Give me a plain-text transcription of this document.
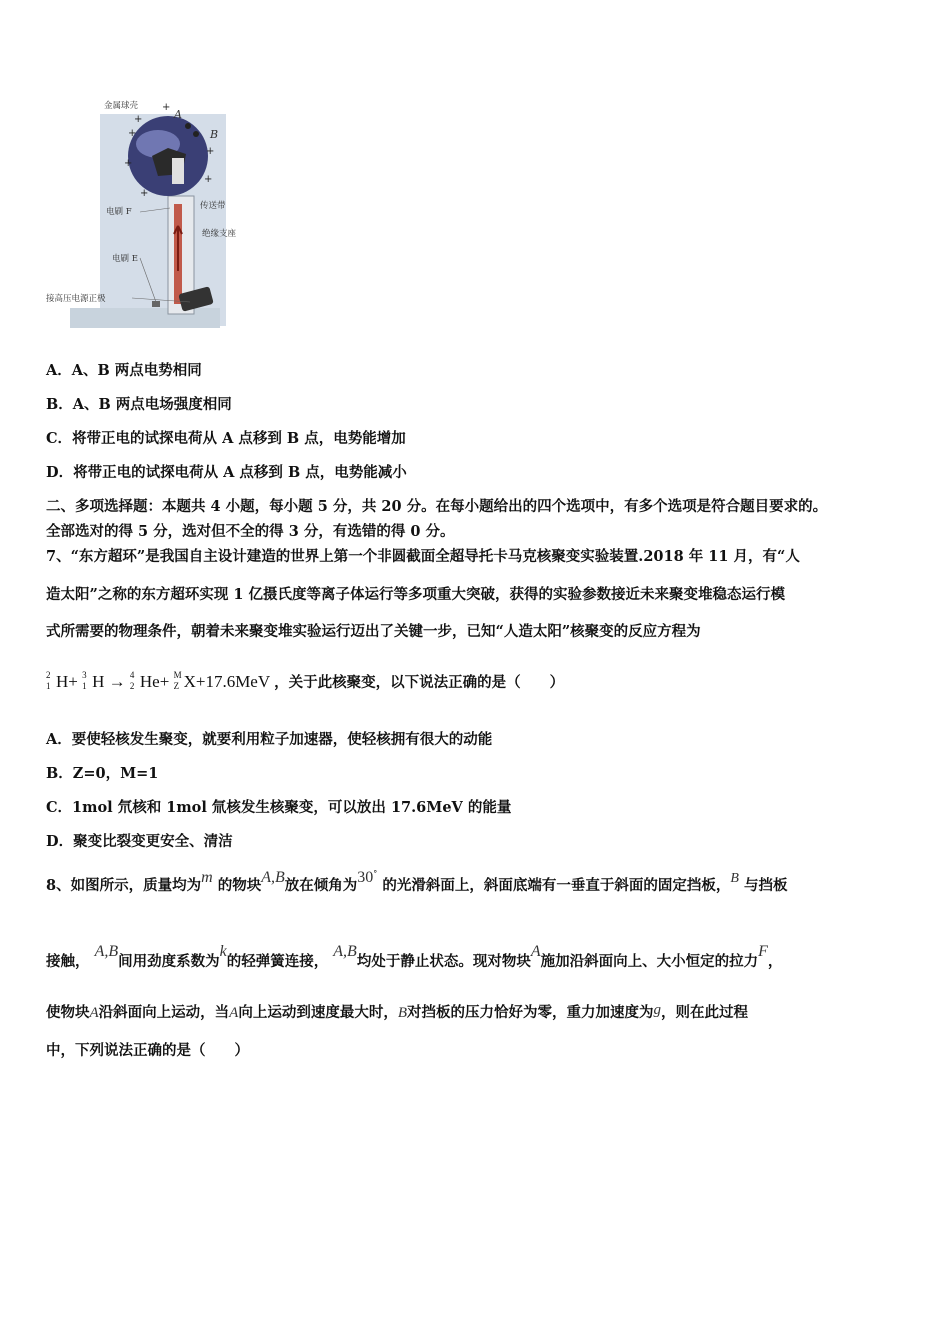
+
+
+
+
+
+
+
金属球壳
A
B
电刷 F
传送带
绝缘支座
电刷 E
接高压电源正极
A．A、B 两点电势相同
B．A、B 两点电场强度相同
C．将带正电的试探电荷从 A 点移到 B 点，电势能增加
D．将带正电的试探电荷从 A 点移到 B 点，电势能减小
二、多项选择题：本题共 4 小题，每小题 5 分，共 20 分。在每小题给出的四个选项中，有多个选项是符合题目要求的。
全部选对的得 5 分，选对但不全的得 3 分，有选错的得 0 分。
7、“东方超环”是我国自主设计建造的世界上第一个非圆截面全超导托卡马克核聚变实验装置.2018 年 11 月，有“人
造太阳”之称的东方超环实现 1 亿摄氏度等离子体运行等多项重大突破，获得的实验参数接近未来聚变堆稳态运行模
式所需要的物理条件，朝着未来聚变堆实验运行迈出了关键一步，已知“人造太阳”核聚变的反应方程为
2
1 H+ 3
1 H → 4
2 He+ M
Z X+17.6MeV ，关于此核聚变，以下说法正确的是（　　）
A．要使轻核发生聚变，就要利用粒子加速器，使轻核拥有很大的动能
B．Z=0，M=1
C．1mol 氘核和 1mol 氚核发生核聚变，可以放出 17.6MeV 的能量
D．聚变比裂变更安全、清洁
8、如图所示，质量均为m 的物块A,B放在倾角为30° 的光滑斜面上，斜面底端有一垂直于斜面的固定挡板，B 与挡板
接触， A,B间用劲度系数为k的轻弹簧连接， A,B均处于静止状态。现对物块A施加沿斜面向上、大小恒定的拉力F，
使物块A沿斜面向上运动，当A向上运动到速度最大时，B对挡板的压力恰好为零，重力加速度为g，则在此过程
中，下列说法正确的是（　　）
